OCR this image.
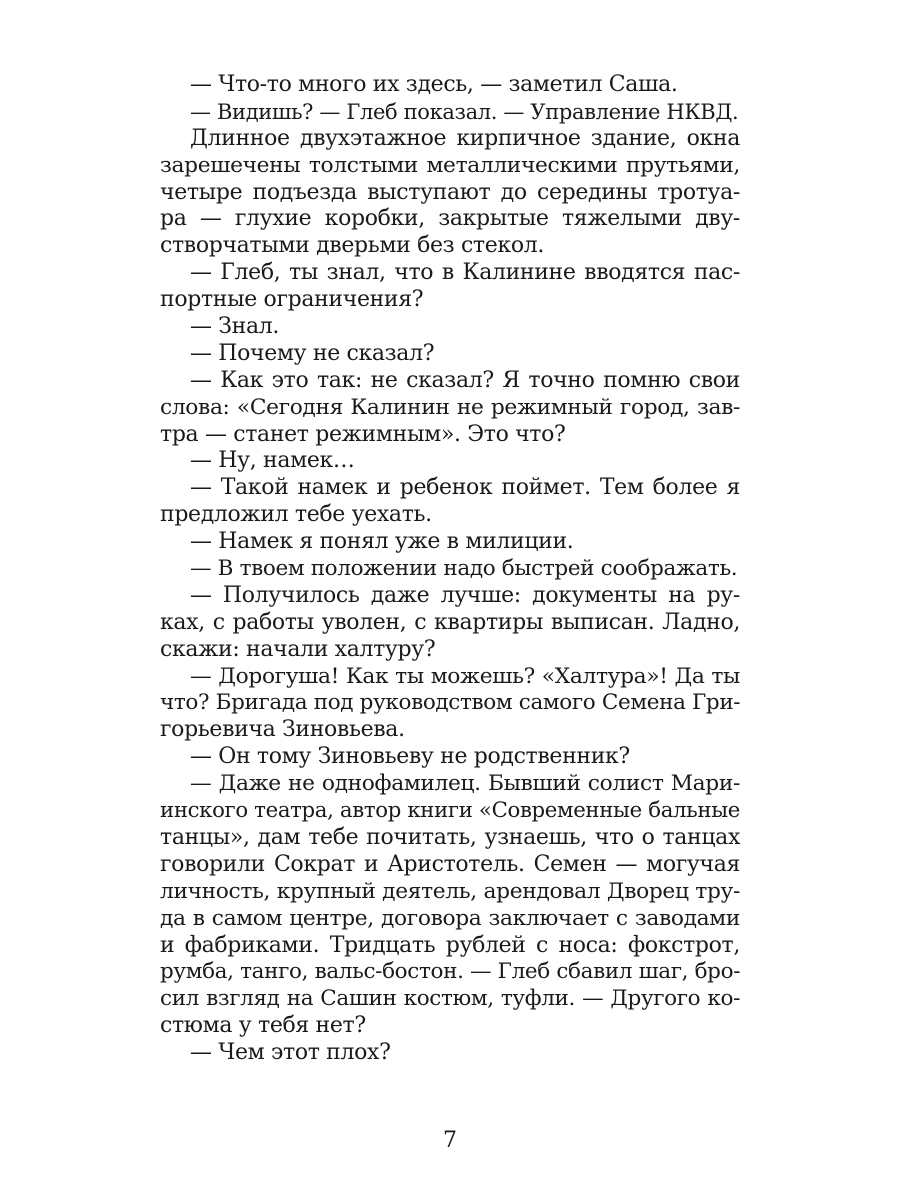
— Что-то много их здесь, — заметил Саша.
— Видишь? — Глеб показал. — Управление НКВД.
Длинное двухэтажное кирпичное здание, окна
зарешечены толстыми металлическими прутьями,
четыре подъезда выступают до середины тротуа-
ра — глухие коробки, закрытые тяжелыми дву-
створчатыми дверьми без стекол.
— Глеб, ты знал, что в Калинине вводятся пас-
портные ограничения?
— Знал.
— Почему не сказал?
— Как это так: не сказал? Я точно помню свои
слова: «Сегодня Калинин не режимный город, зав-
тра — станет режимным». Это что?
— Ну, намек…
— Такой намек и ребенок поймет. Тем более я
предложил тебе уехать.
— Намек я понял уже в милиции.
— В твоем положении надо быстрей соображать.
— Получилось даже лучше: документы на ру-
ках, с работы уволен, с квартиры выписан. Ладно,
скажи: начали халтуру?
— Дорогуша! Как ты можешь? «Халтура»! Да ты
что? Бригада под руководством самого Семена Гри-
горьевича Зиновьева.
— Он тому Зиновьеву не родственник?
— Даже не однофамилец. Бывший солист Мари-
инского театра, автор книги «Современные бальные
танцы», дам тебе почитать, узнаешь, что о танцах
говорили Сократ и Аристотель. Семен — могучая
личность, крупный деятель, арендовал Дворец тру-
да в самом центре, договора заключает с заводами
и фабриками. Тридцать рублей с носа: фокстрот,
румба, танго, вальс-бостон. — Глеб сбавил шаг, бро-
сил взгляд на Сашин костюм, туфли. — Другого ко-
стюма у тебя нет?
— Чем этот плох?
7
